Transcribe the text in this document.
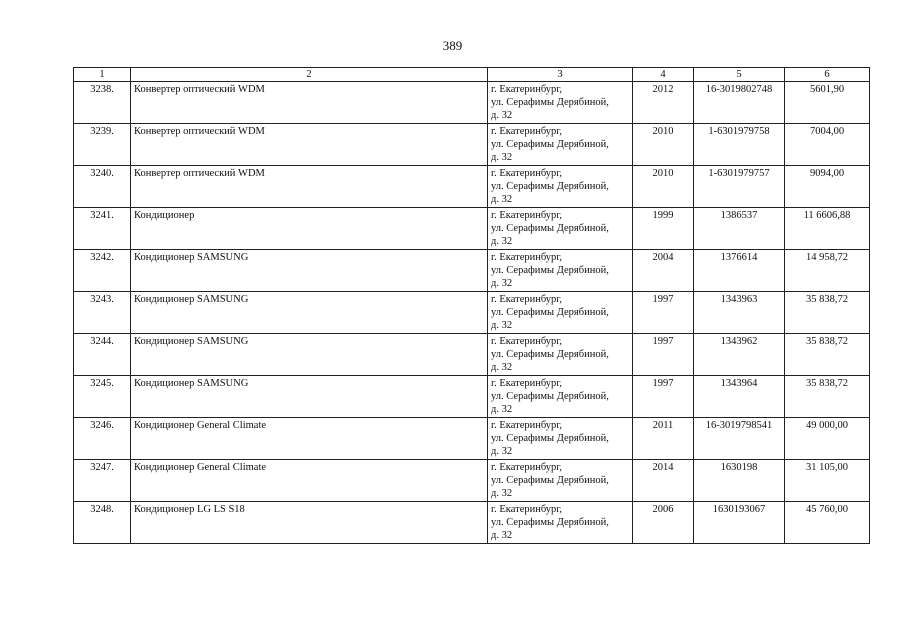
389
1	2	3	4	5	6
3238.	Конвертер оптический WDM	г. Екатеринбург,
ул. Серафимы Дерябиной,
д. 32	2012	16-3019802748	5601,90
3239.	Конвертер оптический WDM	г. Екатеринбург,
ул. Серафимы Дерябиной,
д. 32	2010	1-6301979758	7004,00
3240.	Конвертер оптический WDM	г. Екатеринбург,
ул. Серафимы Дерябиной,
д. 32	2010	1-6301979757	9094,00
3241.	Кондиционер	г. Екатеринбург,
ул. Серафимы Дерябиной,
д. 32	1999	1386537	11 6606,88
3242.	Кондиционер SAMSUNG	г. Екатеринбург,
ул. Серафимы Дерябиной,
д. 32	2004	1376614	14 958,72
3243.	Кондиционер SAMSUNG	г. Екатеринбург,
ул. Серафимы Дерябиной,
д. 32	1997	1343963	35 838,72
3244.	Кондиционер SAMSUNG	г. Екатеринбург,
ул. Серафимы Дерябиной,
д. 32	1997	1343962	35 838,72
3245.	Кондиционер SAMSUNG	г. Екатеринбург,
ул. Серафимы Дерябиной,
д. 32	1997	1343964	35 838,72
3246.	Кондиционер General Climate	г. Екатеринбург,
ул. Серафимы Дерябиной,
д. 32	2011	16-3019798541	49 000,00
3247.	Кондиционер General Climate	г. Екатеринбург,
ул. Серафимы Дерябиной,
д. 32	2014	1630198	31 105,00
3248.	Кондиционер LG LS S18	г. Екатеринбург,
ул. Серафимы Дерябиной,
д. 32	2006	1630193067	45 760,00
